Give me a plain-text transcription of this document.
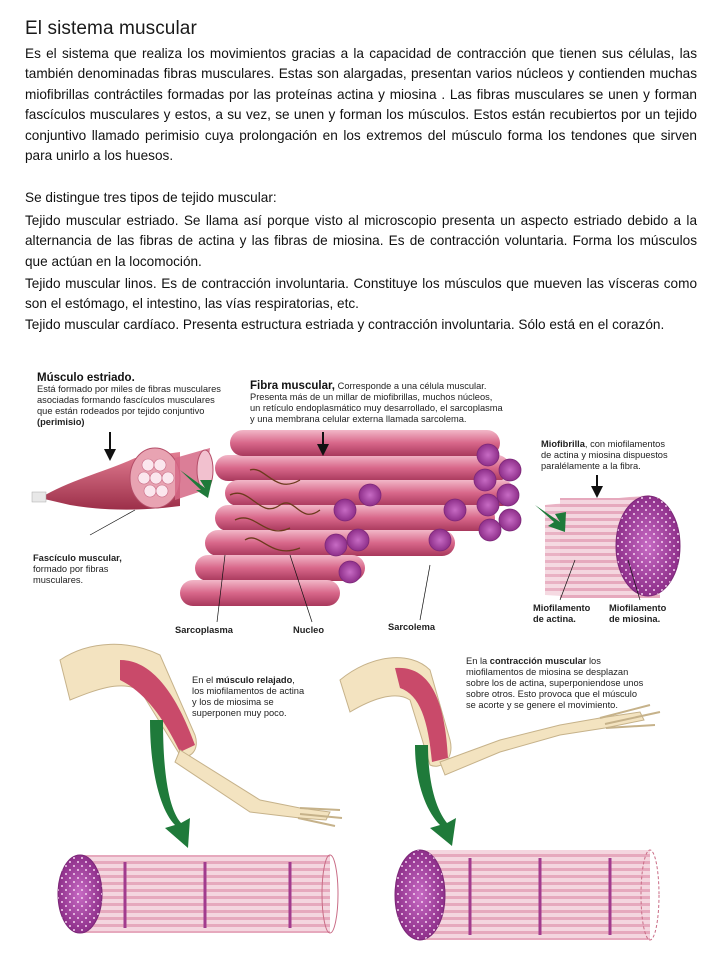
El sistema muscular

Es el sistema que realiza los movimientos gracias a la capacidad de contracción que tienen sus células, las también denominadas fibras musculares. Estas son alargadas, presentan varios núcleos y contienden muchas miofibrillas contráctiles formadas por las proteínas actina y miosina . Las fibras musculares se unen y forman fascículos musculares y estos, a su vez, se unen y forman los músculos. Estos están recubiertos por un tejido conjuntivo llamado perimisio cuya prolongación en los extremos del músculo forma los tendones que sirven para unirlo a los huesos.

Se distingue tres tipos de tejido muscular:

Tejido muscular estriado. Se llama así porque visto al microscopio presenta un aspecto estriado debido a la alternancia de las fibras de actina y las fibras de miosina. Es de contracción voluntaria. Forma los músculos que actúan en la locomoción.

Tejido muscular linos. Es de contracción involuntaria. Constituye los músculos que mueven las vísceras como son el estómago, el intestino, las vías respiratorias, etc.

Tejido muscular cardíaco. Presenta estructura estriada y contracción involuntaria. Sólo está en el corazón.

Músculo estriado.
Está formado por miles de fibras musculares
asociadas formando fascículos musculares
que están rodeados por tejido conjuntivo
(perimisio)
Fibra muscular, Corresponde a una célula muscular.
Presenta más de un millar de miofibrillas, muchos núcleos,
un retículo endoplasmático muy desarrollado, el sarcoplasma
y una membrana celular externa llamada sarcolema.
Miofibrilla, con miofilamentos
de actina y miosina dispuestos
paralélamente a la fibra.
Fascículo muscular,
formado por fibras
musculares.
Sarcoplasma	Nucleo	Sarcolema
Miofilamento
de actina.
Miofilamento
de miosina.
En el músculo relajado,
los miofilamentos de actina
y los de miosima se
superponen muy poco.
En la contracción muscular los
miofilamentos de miosina se desplazan
sobre los de actina, superponiendose unos
sobre otros. Esto provoca que el músculo
se acorte y se genere el movimiento.
